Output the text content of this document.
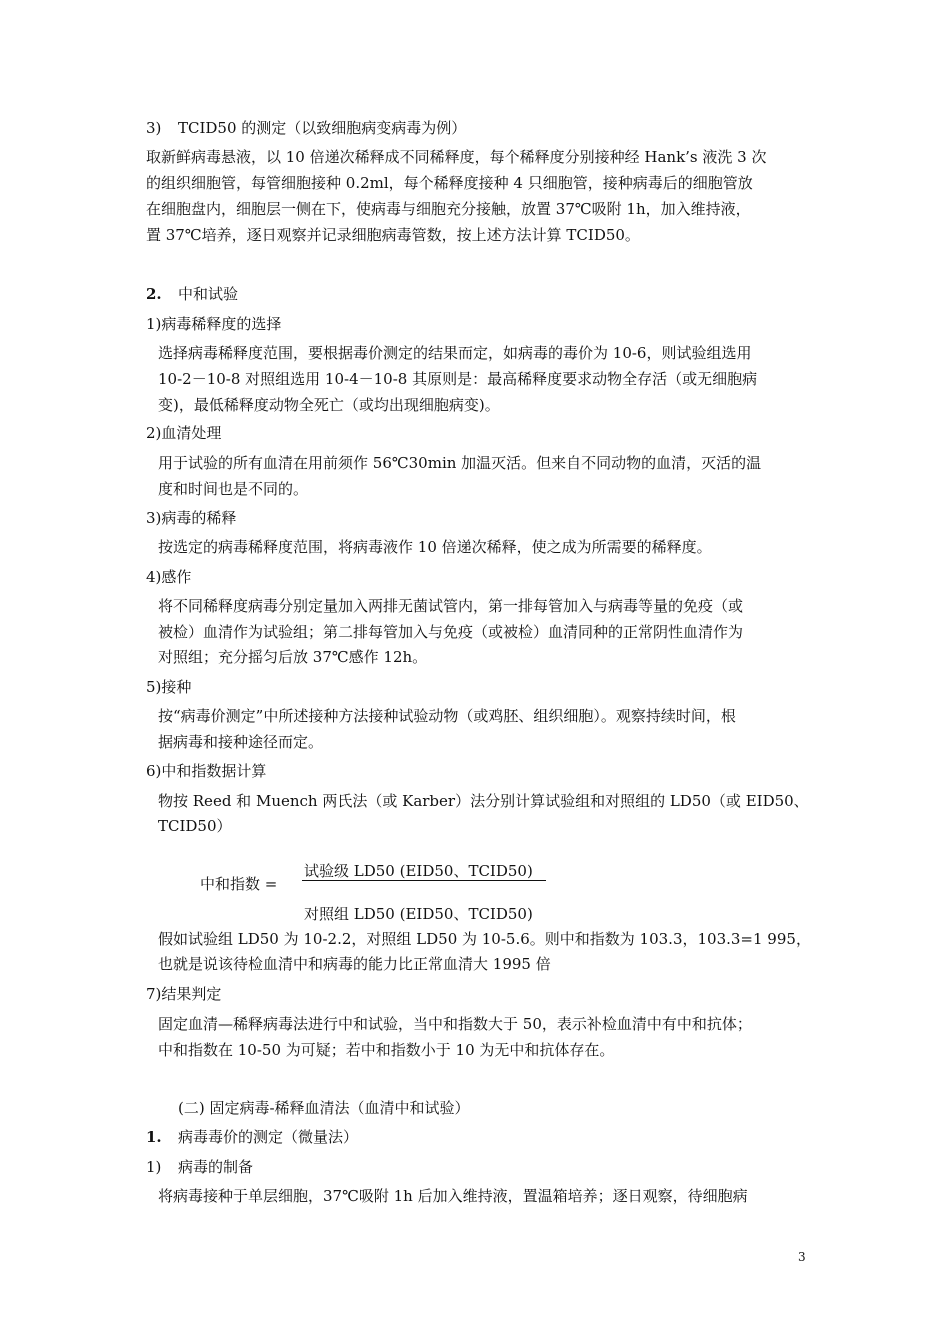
3) TCID50 的测定（以致细胞病变病毒为例）
取新鲜病毒悬液，以 10 倍递次稀释成不同稀释度，每个稀释度分别接种经 Hank’s 液洗 3 次
的组织细胞管，每管细胞接种 0.2ml，每个稀释度接种 4 只细胞管，接种病毒后的细胞管放
在细胞盘内，细胞层一侧在下，使病毒与细胞充分接触，放置 37℃吸附 1h，加入维持液，
置 37℃培养，逐日观察并记录细胞病毒管数，按上述方法计算 TCID50。
2. 中和试验
1)病毒稀释度的选择
选择病毒稀释度范围，要根据毒价测定的结果而定，如病毒的毒价为 10-6，则试验组选用
10-2－10-8 对照组选用 10-4－10-8 其原则是：最高稀释度要求动物全存活（或无细胞病
变)，最低稀释度动物全死亡（或均出现细胞病变)。
2)血清处理
用于试验的所有血清在用前须作 56℃30min 加温灭活。但来自不同动物的血清，灭活的温
度和时间也是不同的。
3)病毒的稀释
按选定的病毒稀释度范围，将病毒液作 10 倍递次稀释，使之成为所需要的稀释度。
4)感作
将不同稀释度病毒分别定量加入两排无菌试管内，第一排每管加入与病毒等量的免疫（或
被检）血清作为试验组；第二排每管加入与免疫（或被检）血清同种的正常阴性血清作为
对照组；充分摇匀后放 37℃感作 12h。
5)接种
按“病毒价测定”中所述接种方法接种试验动物（或鸡胚、组织细胞）。观察持续时间，根
据病毒和接种途径而定。
6)中和指数据计算
物按 Reed 和 Muench 两氏法（或 Karber）法分别计算试验组和对照组的 LD50（或 EID50、
TCID50）
中和指数 =
试验级 LD50 (EID50、TCID50)
对照组 LD50 (EID50、TCID50)
假如试验组 LD50 为 10-2.2，对照组 LD50 为 10-5.6。则中和指数为 103.3，103.3=1 995，
也就是说该待检血清中和病毒的能力比正常血清大 1995 倍
7)结果判定
固定血清—稀释病毒法进行中和试验，当中和指数大于 50，表示补检血清中有中和抗体；
中和指数在 10-50 为可疑；若中和指数小于 10 为无中和抗体存在。
(二) 固定病毒-稀释血清法（血清中和试验）
1. 病毒毒价的测定（微量法）
1) 病毒的制备
将病毒接种于单层细胞，37℃吸附 1h 后加入维持液，置温箱培养；逐日观察，待细胞病
3
